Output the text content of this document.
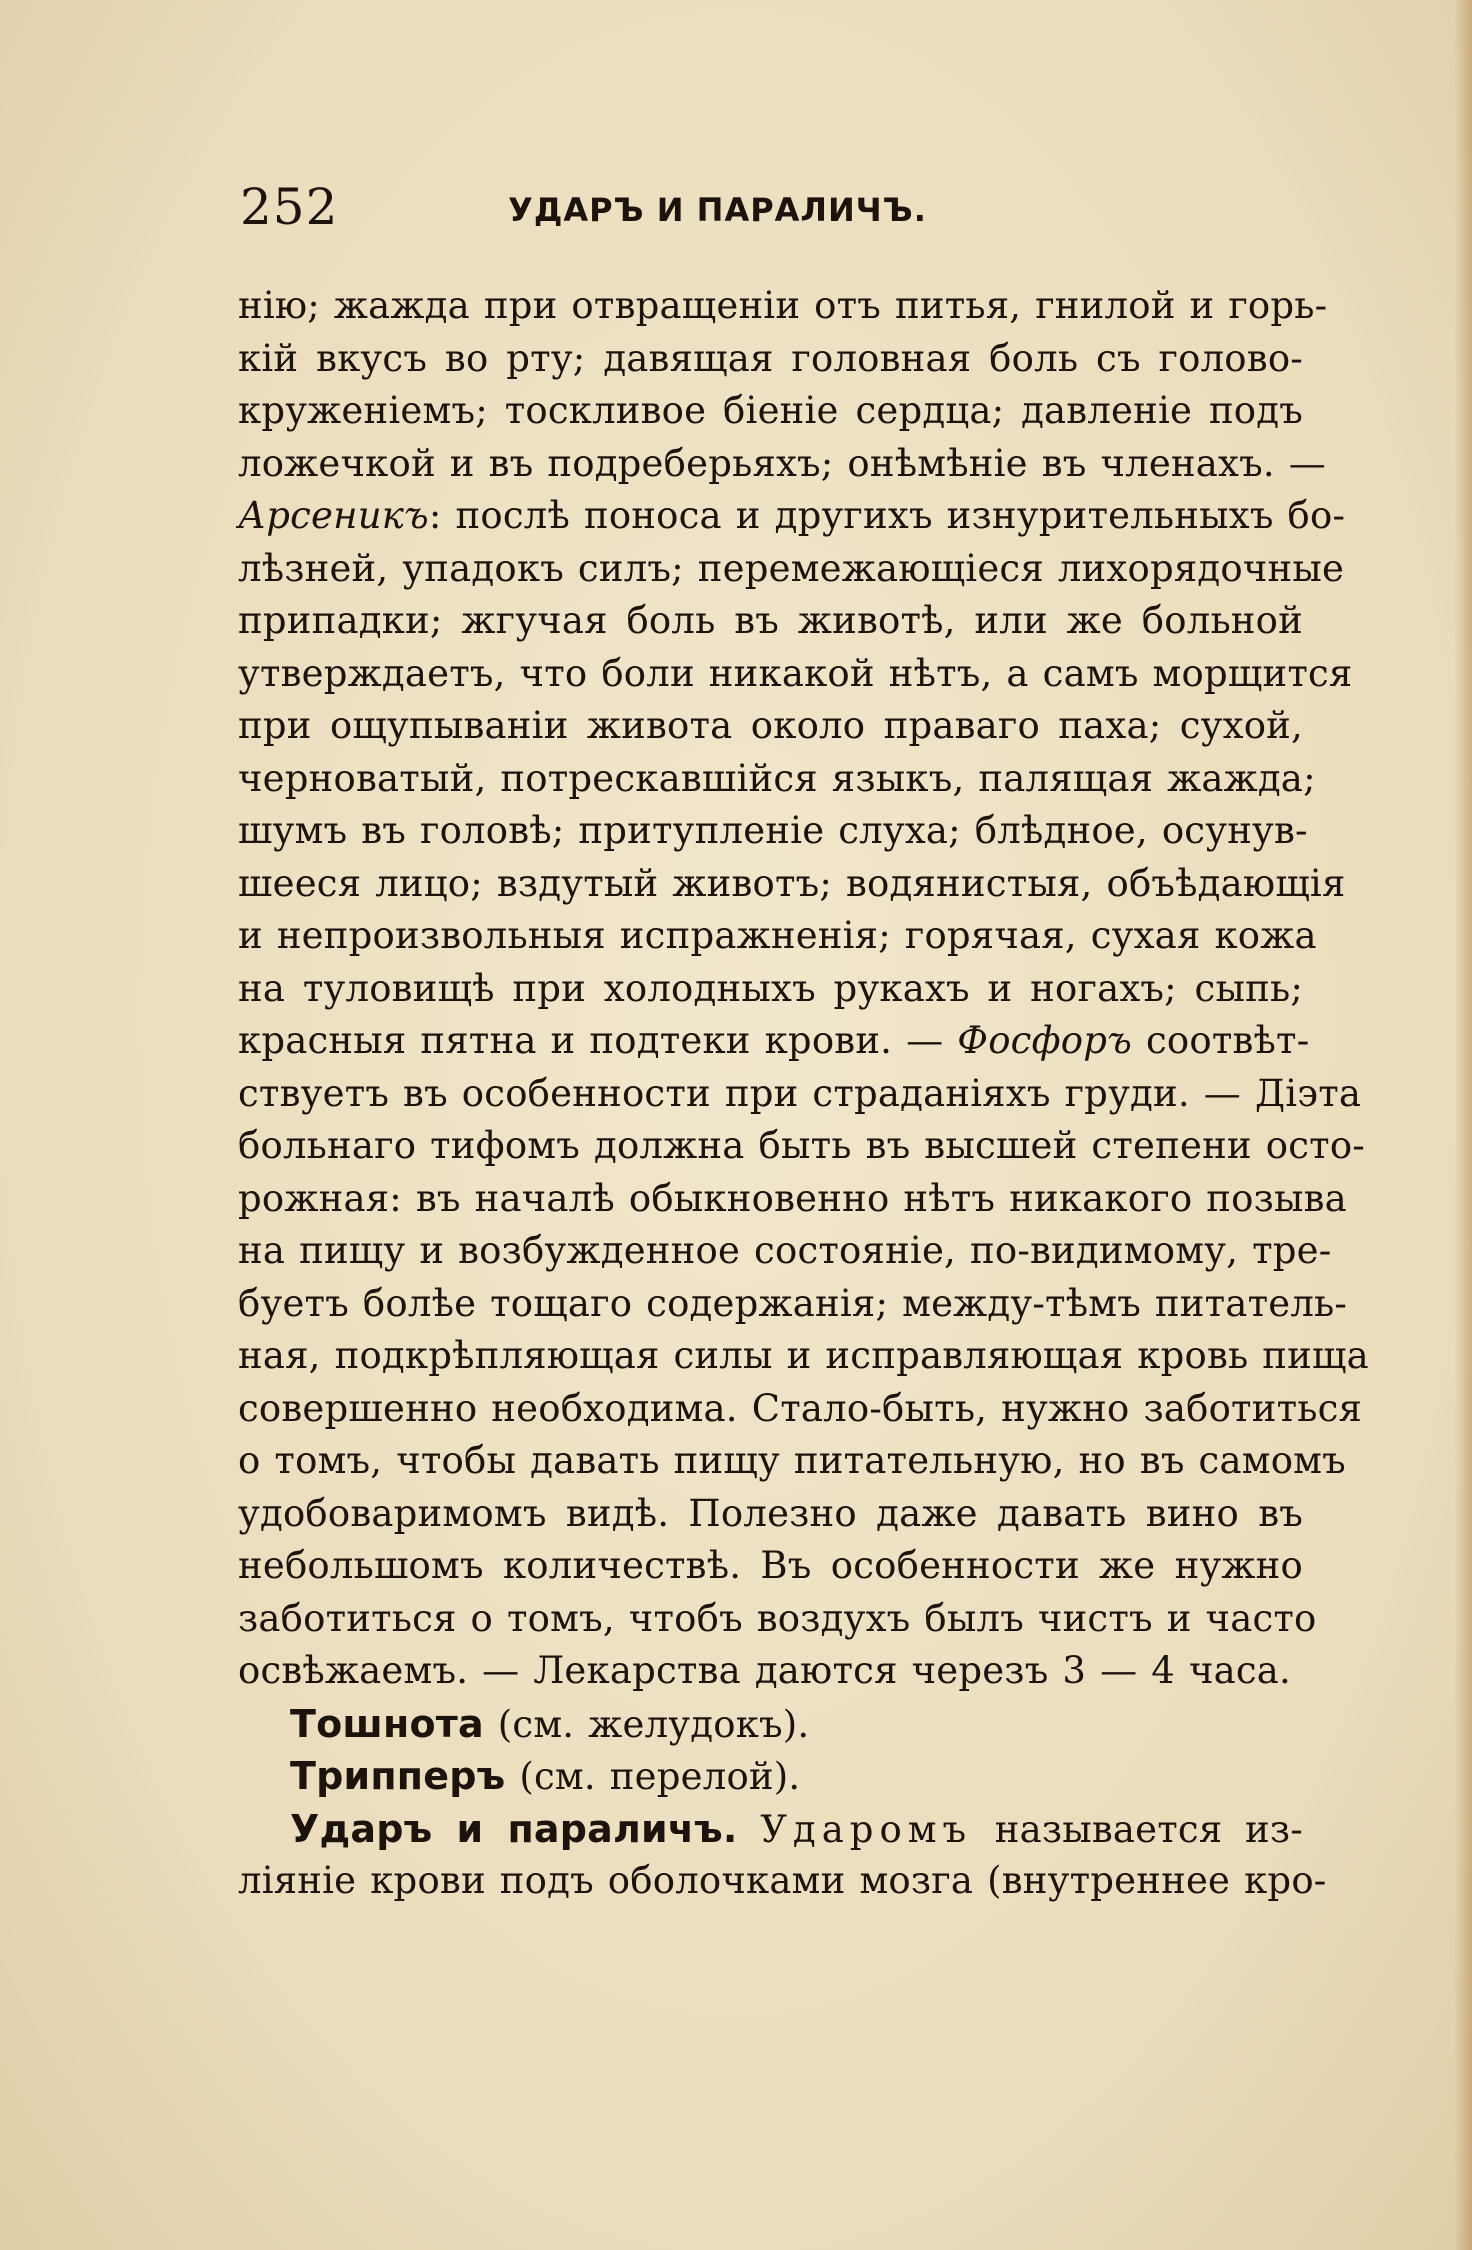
252	УДАРЪ И ПАРАЛИЧЪ.
нію; жажда при отвращеніи отъ питья, гнилой и горь-
кій вкусъ во рту; давящая головная боль съ голово-
круженіемъ; тоскливое біеніе сердца; давленіе подъ
ложечкой и въ подреберьяхъ; онѣмѣніе въ членахъ. —
Арсеникъ: послѣ поноса и другихъ изнурительныхъ бо-
лѣзней, упадокъ силъ; перемежающіеся лихорядочные
припадки; жгучая боль въ животѣ, или же больной
утверждаетъ, что боли никакой нѣтъ, а самъ морщится
при ощупываніи живота около праваго паха; сухой,
черноватый, потрескавшійся языкъ, палящая жажда;
шумъ въ головѣ; притупленіе слуха; блѣдное, осунув-
шееся лицо; вздутый животъ; водянистыя, объѣдающія
и непроизвольныя испражненія; горячая, сухая кожа
на туловищѣ при холодныхъ рукахъ и ногахъ; сыпь;
красныя пятна и подтеки крови. — Фосфоръ соотвѣт-
ствуетъ въ особенности при страданіяхъ груди. — Діэта
больнаго тифомъ должна быть въ высшей степени осто-
рожная: въ началѣ обыкновенно нѣтъ никакого позыва
на пищу и возбужденное состояніе, по-видимому, тре-
буетъ болѣе тощаго содержанія; между-тѣмъ питатель-
ная, подкрѣпляющая силы и исправляющая кровь пища
совершенно необходима. Стало-быть, нужно заботиться
о томъ, чтобы давать пищу питательную, но въ самомъ
удобоваримомъ видѣ. Полезно даже давать вино въ
небольшомъ количествѣ. Въ особенности же нужно
заботиться о томъ, чтобъ воздухъ былъ чистъ и часто
освѣжаемъ. — Лекарства даются черезъ 3 — 4 часа.
Тошнота (см. желудокъ).
Трипперъ (см. перелой).
Ударъ и параличъ. Ударомъ называется из-
ліяніе крови подъ оболочками мозга (внутреннее кро-
